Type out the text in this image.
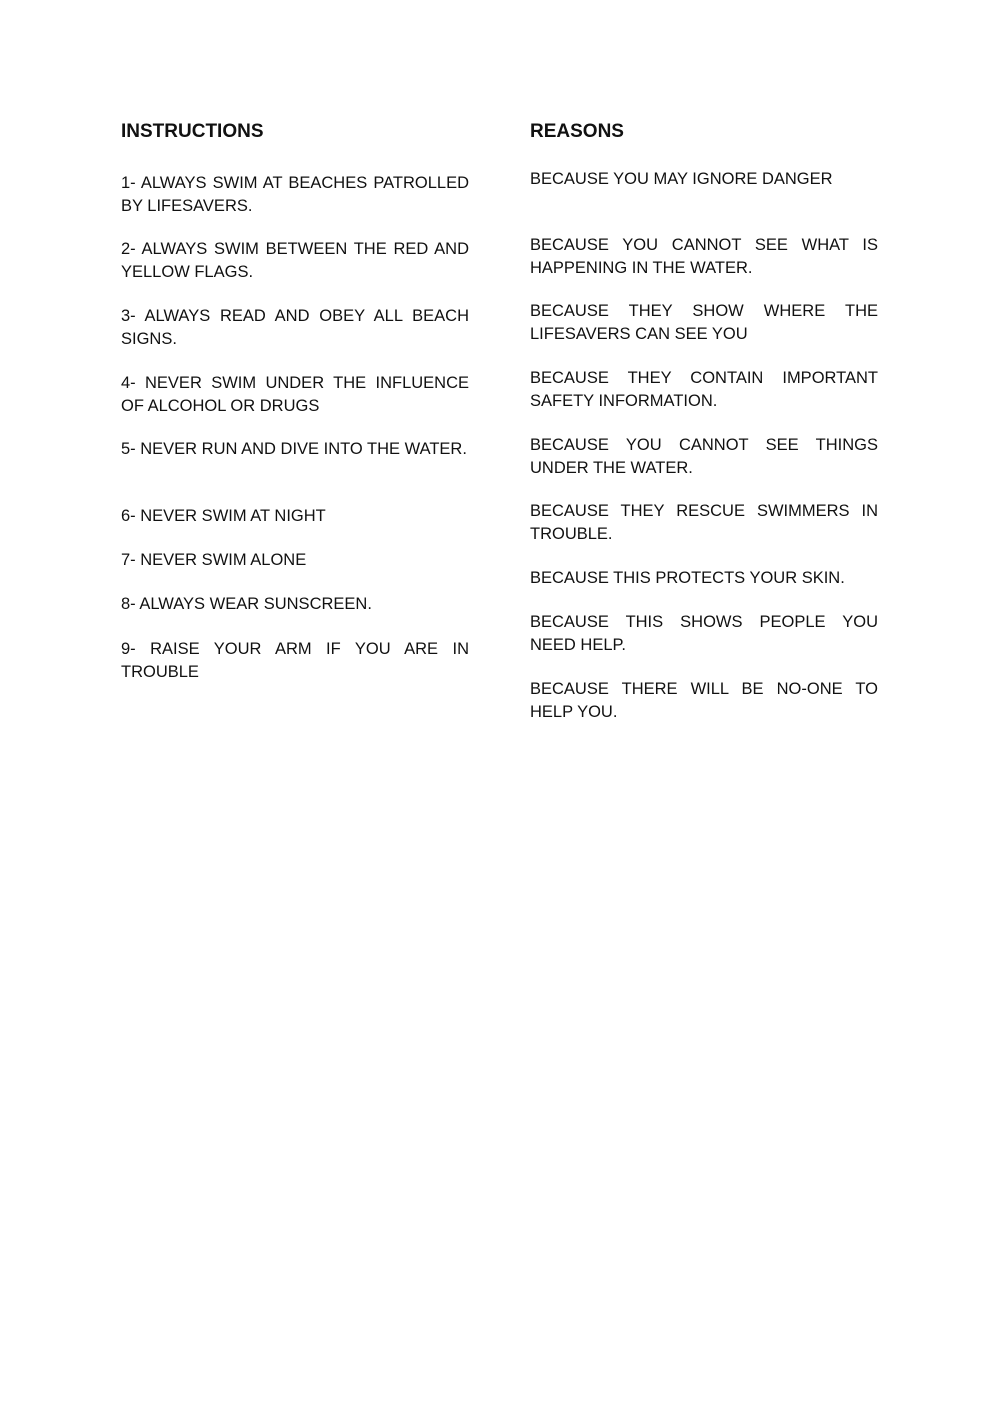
INSTRUCTIONS

1- ALWAYS SWIM AT BEACHES PATROLLED BY LIFESAVERS.

2- ALWAYS SWIM BETWEEN THE RED AND YELLOW FLAGS.

3- ALWAYS READ AND OBEY ALL BEACH SIGNS.

4- NEVER SWIM UNDER THE INFLUENCE OF ALCOHOL OR DRUGS

5- NEVER RUN AND DIVE INTO THE WATER.

6- NEVER SWIM AT NIGHT

7- NEVER SWIM ALONE

8- ALWAYS WEAR SUNSCREEN.

9- RAISE YOUR ARM IF YOU ARE IN TROUBLE

REASONS

BECAUSE YOU MAY IGNORE DANGER

BECAUSE YOU CANNOT SEE WHAT IS HAPPENING IN THE WATER.

BECAUSE THEY SHOW WHERE THE LIFESAVERS CAN SEE YOU

BECAUSE THEY CONTAIN IMPORTANT SAFETY INFORMATION.

BECAUSE YOU CANNOT SEE THINGS UNDER THE WATER.

BECAUSE THEY RESCUE SWIMMERS IN TROUBLE.

BECAUSE THIS PROTECTS YOUR SKIN.

BECAUSE THIS SHOWS PEOPLE YOU NEED HELP.

BECAUSE THERE WILL BE NO-ONE TO HELP YOU.
